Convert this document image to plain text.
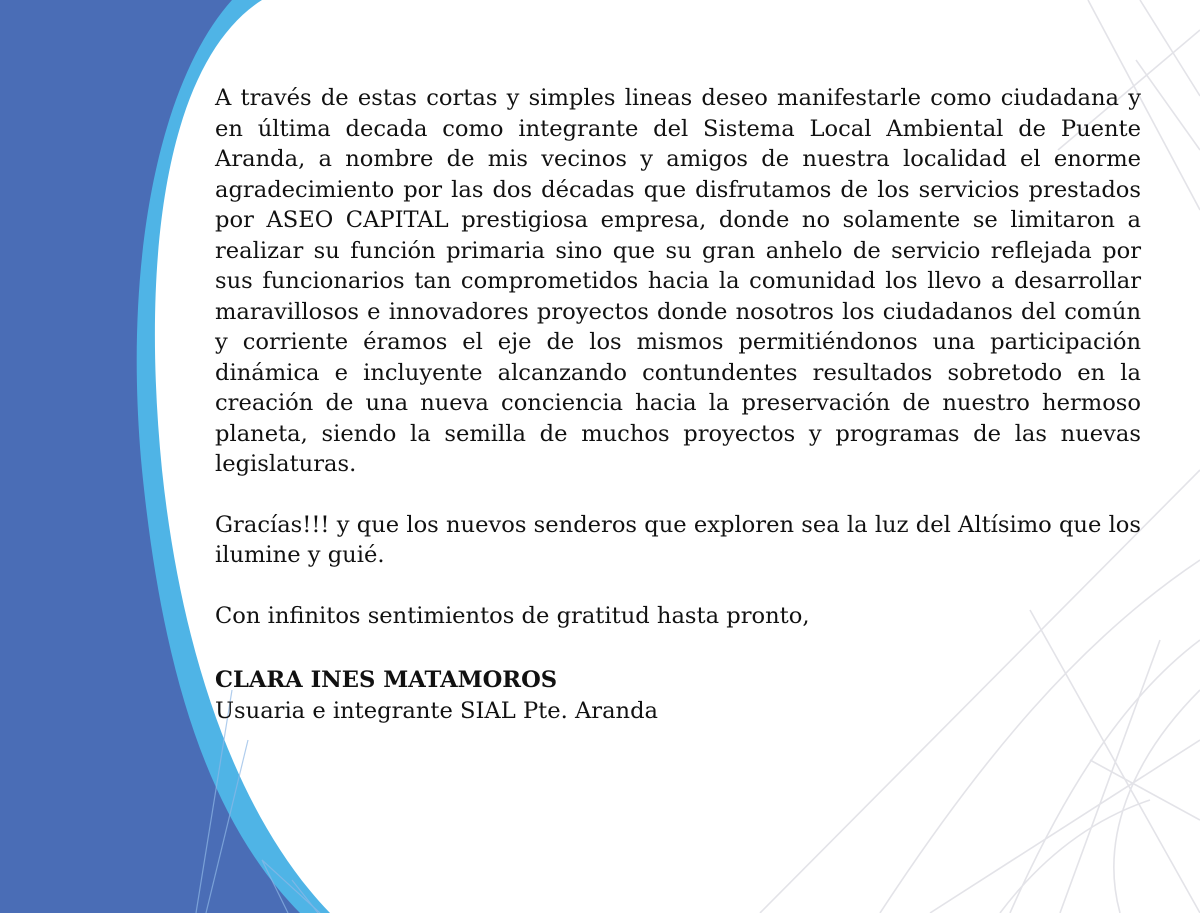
A través de estas cortas y simples lineas deseo manifestarle como ciudadana y en última decada como integrante del Sistema Local Ambiental de Puente Aranda, a nombre de mis vecinos y amigos de nuestra localidad el enorme agradecimiento por las dos décadas que disfrutamos de los servicios prestados por ASEO CAPITAL prestigiosa empresa, donde no solamente se limitaron a realizar su función primaria sino que su gran anhelo de servicio reflejada por sus funcionarios tan comprometidos hacia la comunidad los llevo a desarrollar maravillosos e innovadores proyectos donde nosotros los ciudadanos del común y corriente éramos el eje de los mismos permitiéndonos una participación dinámica e incluyente alcanzando contundentes resultados sobretodo en la creación de una nueva conciencia hacia la preservación de nuestro hermoso planeta, siendo la semilla de muchos proyectos y programas de las nuevas legislaturas.

Gracías!!! y que los nuevos senderos que exploren sea la luz del Altísimo que los ilumine y guié.

Con infinitos sentimientos de gratitud hasta pronto,

CLARA INES MATAMOROS

Usuaria e integrante SIAL Pte. Aranda
